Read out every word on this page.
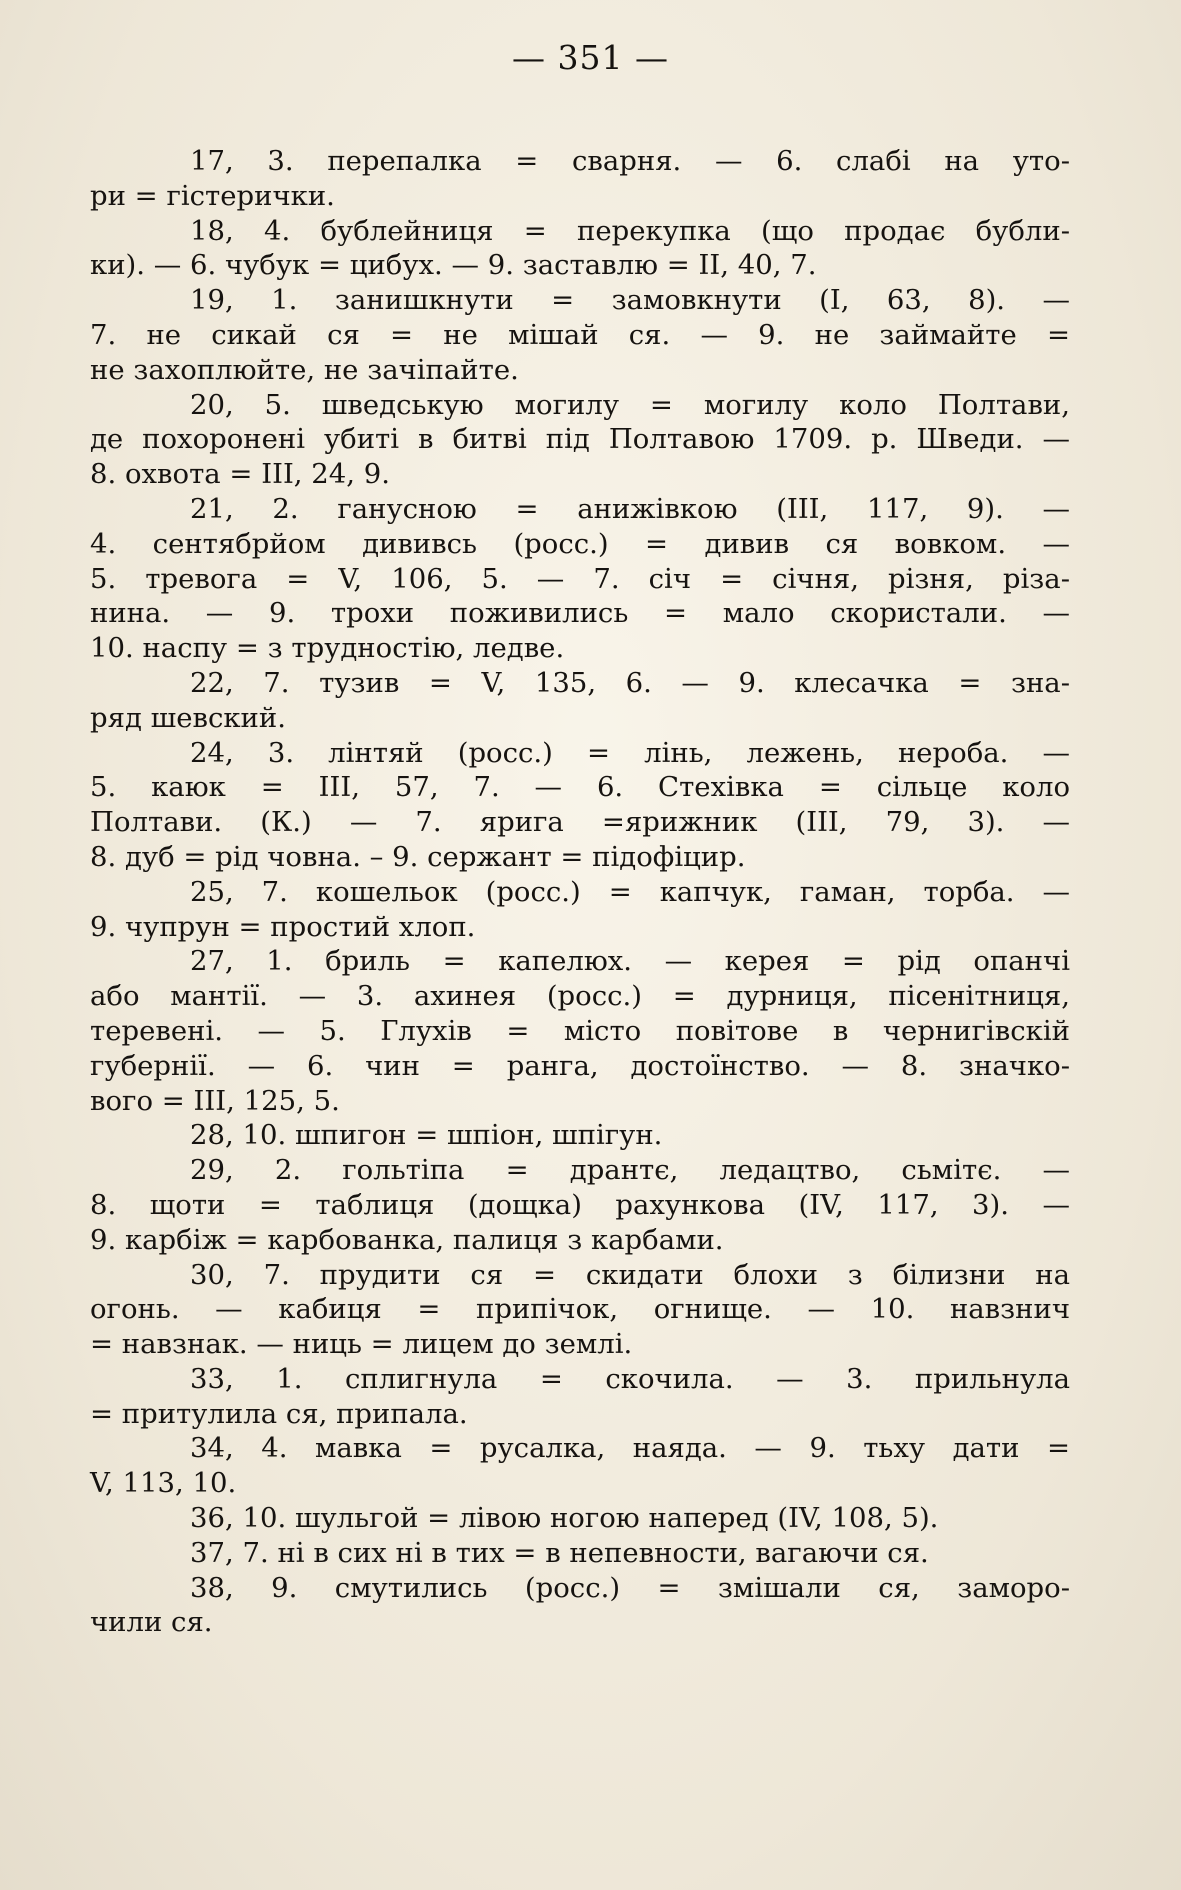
— 351 —
17, 3. перепалка = сварня. — 6. слабі на уто-
ри = гістерички.
18, 4. бублейниця = перекупка (що продає бубли-
ки). — 6. чубук = цибух. — 9. заставлю = II, 40, 7.
19, 1. занишкнути = замовкнути (I, 63, 8). —
7. не сикай ся = не мішай ся. — 9. не займайте =
не захоплюйте, не зачіпайте.
20, 5. шведськую могилу = могилу коло Полтави,
де похоронені убиті в битві під Полтавою 1709. р. Шведи. —
8. охвота = III, 24, 9.
21, 2. ганусною = анижівкою (III, 117, 9). —
4. сентябрйом дививсь (росс.) = дивив ся вовком. —
5. тревога = V, 106, 5. — 7. січ = січня, різня, різа-
нина. — 9. трохи поживились = мало скористали. —
10. наспу = з трудностію, ледве.
22, 7. тузив = V, 135, 6. — 9. клесачка = зна-
ряд шевский.
24, 3. лінтяй (росс.) = лінь, лежень, нероба. —
5. каюк = III, 57, 7. — 6. Стехівка = сільце коло
Полтави. (К.) — 7. ярига =ярижник (III, 79, 3). —
8. дуб = рід човна. – 9. сержант = підофіцир.
25, 7. кошельок (росс.) = капчук, гаман, торба. —
9. чупрун = простий хлоп.
27, 1. бриль = капелюх. — керея = рід опанчі
або мантії. — 3. ахинея (росс.) = дурниця, пісенітниця,
теревені. — 5. Глухів = місто повітове в чернигівскій
губернії. — 6. чин = ранга, достоїнство. — 8. значко-
вого = III, 125, 5.
28, 10. шпигон = шпіон, шпігун.
29, 2. гольтіпа = дрантє, ледацтво, сьмітє. —
8. щоти = таблиця (дощка) рахункова (IV, 117, 3). —
9. карбіж = карбованка, палиця з карбами.
30, 7. прудити ся = скидати блохи з білизни на
огонь. — кабиця = припічок, огнище. — 10. навзнич
= навзнак. — ниць = лицем до землі.
33, 1. сплигнула = скочила. — 3. прильнула
= притулила ся, припала.
34, 4. мавка = русалка, наяда. — 9. тьху дати =
V, 113, 10.
36, 10. шульгой = лівою ногою наперед (IV, 108, 5).
37, 7. ні в сих ні в тих = в непевности, вагаючи ся.
38, 9. смутились (росс.) = змішали ся, заморо-
чили ся.
